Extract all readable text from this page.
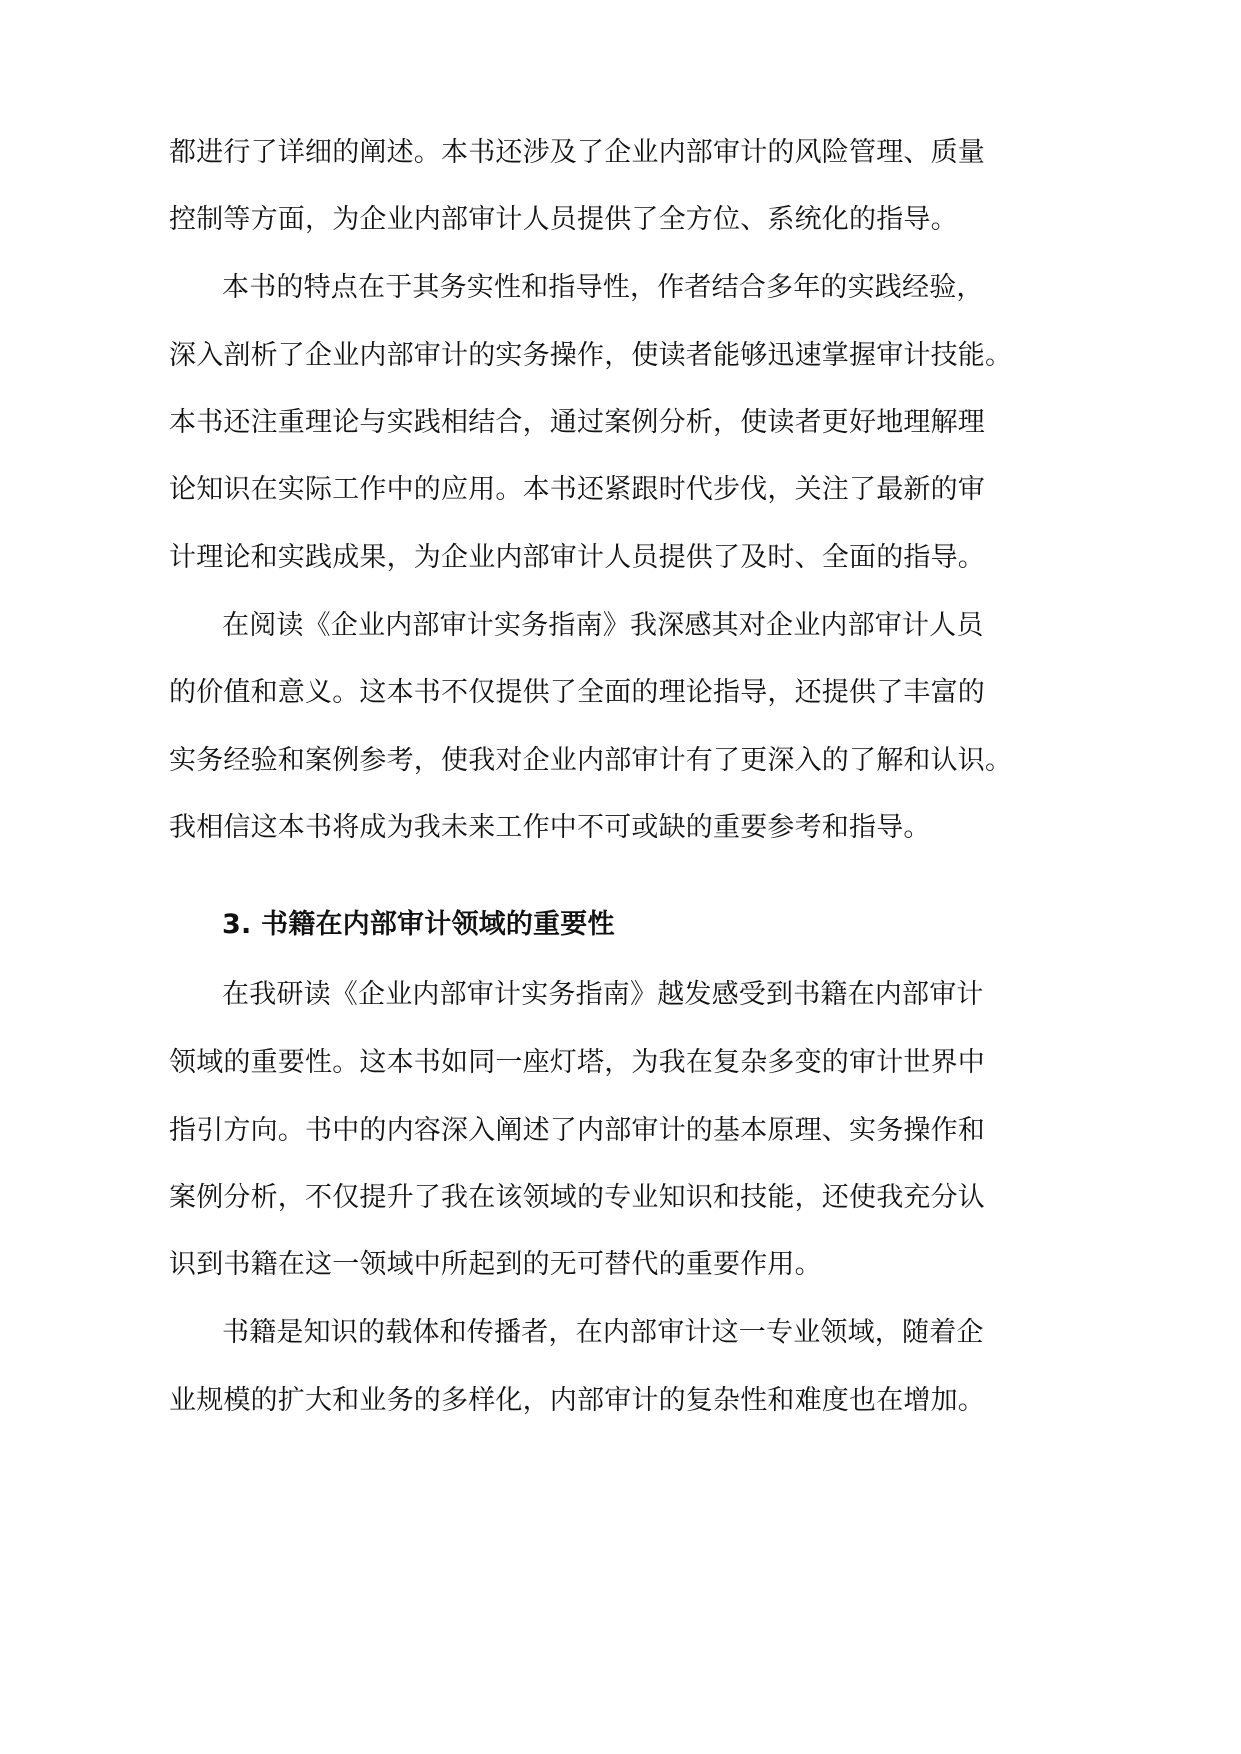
都进行了详细的阐述。本书还涉及了企业内部审计的风险管理、质量
控制等方面，为企业内部审计人员提供了全方位、系统化的指导。
本书的特点在于其务实性和指导性，作者结合多年的实践经验，
深入剖析了企业内部审计的实务操作，使读者能够迅速掌握审计技能。
本书还注重理论与实践相结合，通过案例分析，使读者更好地理解理
论知识在实际工作中的应用。本书还紧跟时代步伐，关注了最新的审
计理论和实践成果，为企业内部审计人员提供了及时、全面的指导。
在阅读《企业内部审计实务指南》我深感其对企业内部审计人员
的价值和意义。这本书不仅提供了全面的理论指导，还提供了丰富的
实务经验和案例参考，使我对企业内部审计有了更深入的了解和认识。
我相信这本书将成为我未来工作中不可或缺的重要参考和指导。
3. 书籍在内部审计领域的重要性
在我研读《企业内部审计实务指南》越发感受到书籍在内部审计
领域的重要性。这本书如同一座灯塔，为我在复杂多变的审计世界中
指引方向。书中的内容深入阐述了内部审计的基本原理、实务操作和
案例分析，不仅提升了我在该领域的专业知识和技能，还使我充分认
识到书籍在这一领域中所起到的无可替代的重要作用。
书籍是知识的载体和传播者，在内部审计这一专业领域，随着企
业规模的扩大和业务的多样化，内部审计的复杂性和难度也在增加。
